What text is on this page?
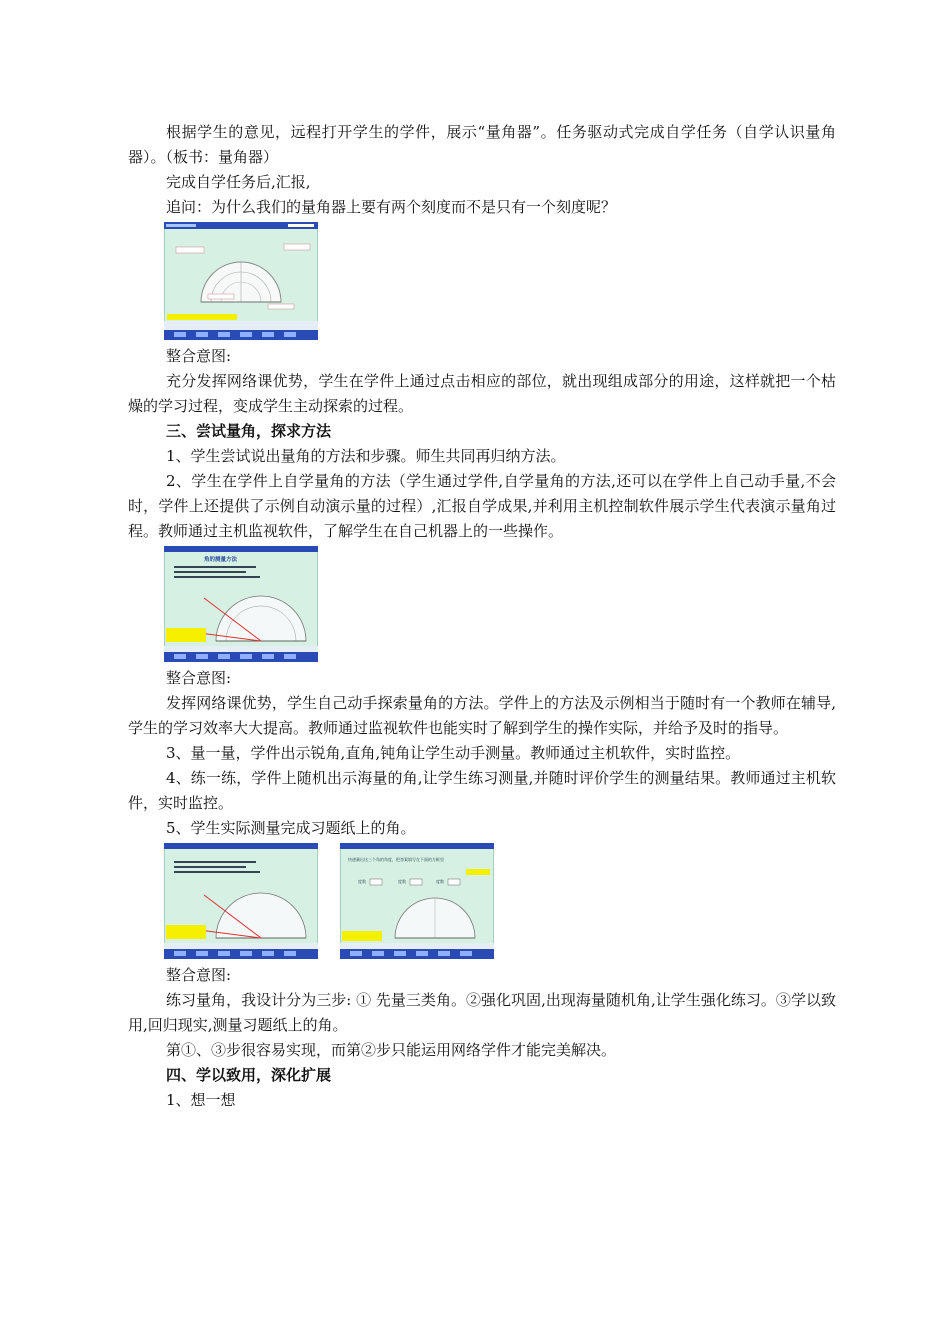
根据学生的意见，远程打开学生的学件，展示“量角器”。任务驱动式完成自学任务（自学认识量角器）。（板书：量角器）

完成自学任务后,汇报,

追问：为什么我们的量角器上要有两个刻度而不是只有一个刻度呢？

整合意图:

充分发挥网络课优势，学生在学件上通过点击相应的部位，就出现组成部分的用途，这样就把一个枯燥的学习过程，变成学生主动探索的过程。

三、尝试量角，探求方法

1、学生尝试说出量角的方法和步骤。师生共同再归纳方法。

2、学生在学件上自学量角的方法（学生通过学件,自学量角的方法,还可以在学件上自己动手量,不会时，学件上还提供了示例自动演示量的过程）,汇报自学成果,并利用主机控制软件展示学生代表演示量角过程。教师通过主机监视软件，了解学生在自己机器上的一些操作。

角的测量方法

整合意图:

发挥网络课优势，学生自己动手探索量角的方法。学件上的方法及示例相当于随时有一个教师在辅导,学生的学习效率大大提高。教师通过监视软件也能实时了解到学生的操作实际，并给予及时的指导。

3、量一量，学件出示锐角,直角,钝角让学生动手测量。教师通过主机软件，实时监控。

4、练一练，学件上随机出示海量的角,让学生练习测量,并随时评价学生的测量结果。教师通过主机软件，实时监控。

5、学生实际测量完成习题纸上的角。

快速量出这三个角的角度，把答案填写在下面的方框里
度数	度数	度数

整合意图:

练习量角，我设计分为三步: ① 先量三类角。②强化巩固,出现海量随机角,让学生强化练习。③学以致用,回归现实,测量习题纸上的角。

第①、③步很容易实现，而第②步只能运用网络学件才能完美解决。

四、学以致用，深化扩展

1、想一想
